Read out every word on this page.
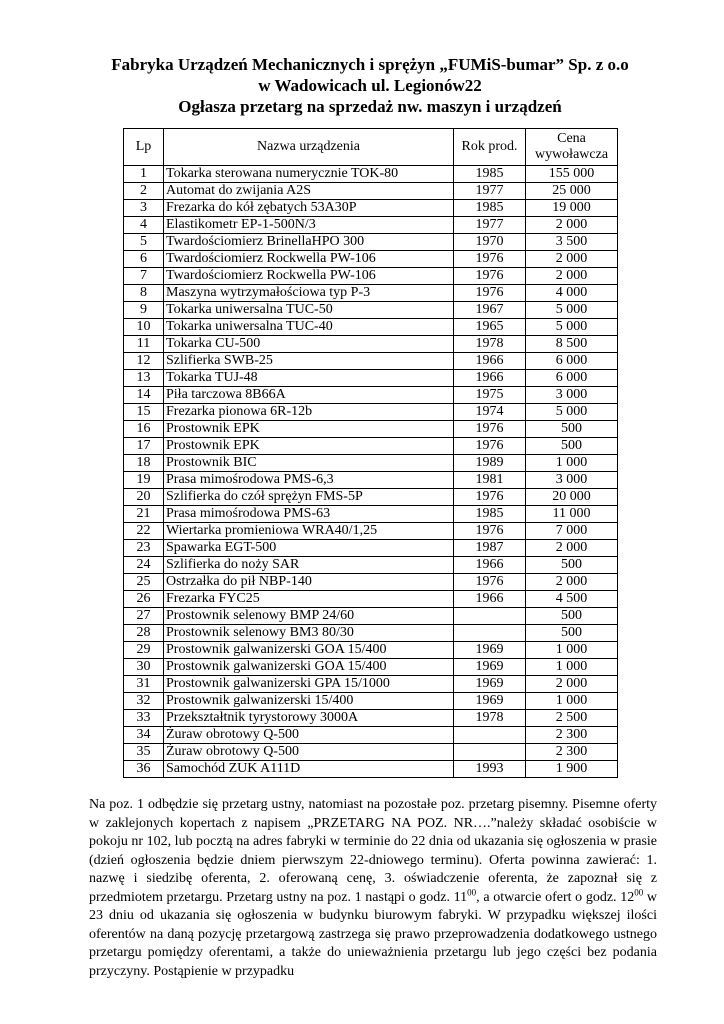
Fabryka Urządzeń Mechanicznych i sprężyn „FUMiS-bumar” Sp. z o.o
w Wadowicach ul. Legionów22
Ogłasza przetarg na sprzedaż nw. maszyn i urządzeń
Lp	Nazwa urządzenia	Rok prod.	Cena
wywoławcza
1	Tokarka sterowana numerycznie TOK-80	1985	155 000
2	Automat do zwijania A2S	1977	25 000
3	Frezarka do kół zębatych 53A30P	1985	19 000
4	Elastikometr EP-1-500N/3	1977	2 000
5	Twardościomierz BrinellaHPO 300	1970	3 500
6	Twardościomierz Rockwella PW-106	1976	2 000
7	Twardościomierz Rockwella PW-106	1976	2 000
8	Maszyna wytrzymałościowa typ P-3	1976	4 000
9	Tokarka uniwersalna TUC-50	1967	5 000
10	Tokarka uniwersalna TUC-40	1965	5 000
11	Tokarka CU-500	1978	8 500
12	Szlifierka SWB-25	1966	6 000
13	Tokarka TUJ-48	1966	6 000
14	Piła tarczowa 8B66A	1975	3 000
15	Frezarka pionowa 6R-12b	1974	5 000
16	Prostownik EPK	1976	500
17	Prostownik EPK	1976	500
18	Prostownik BIC	1989	1 000
19	Prasa mimośrodowa PMS-6,3	1981	3 000
20	Szlifierka do czół sprężyn FMS-5P	1976	20 000
21	Prasa mimośrodowa PMS-63	1985	11 000
22	Wiertarka promieniowa WRA40/1,25	1976	7 000
23	Spawarka EGT-500	1987	2 000
24	Szlifierka do noży SAR	1966	500
25	Ostrzałka do pił NBP-140	1976	2 000
26	Frezarka FYC25	1966	4 500
27	Prostownik selenowy BMP 24/60		500
28	Prostownik selenowy BM3 80/30		500
29	Prostownik galwanizerski GOA 15/400	1969	1 000
30	Prostownik galwanizerski GOA 15/400	1969	1 000
31	Prostownik galwanizerski GPA 15/1000	1969	2 000
32	Prostownik galwanizerski 15/400	1969	1 000
33	Przekształtnik tyrystorowy 3000A	1978	2 500
34	Żuraw obrotowy Q-500		2 300
35	Żuraw obrotowy Q-500		2 300
36	Samochód ZUK A111D	1993	1 900
Na poz. 1 odbędzie się przetarg ustny, natomiast na pozostałe poz. przetarg pisemny. Pisemne oferty w zaklejonych kopertach z napisem „PRZETARG NA POZ. NR….”należy składać osobiście w pokoju nr 102, lub pocztą na adres fabryki w terminie do 22 dnia od ukazania się ogłoszenia w prasie (dzień ogłoszenia będzie dniem pierwszym 22-dniowego terminu). Oferta powinna zawierać: 1. nazwę i siedzibę oferenta, 2. oferowaną cenę, 3. oświadczenie oferenta, że zapoznał się z przedmiotem przetargu. Przetarg ustny na poz. 1 nastąpi o godz. $11^{00}$, a otwarcie ofert o godz. $12^{00}$ w 23 dniu od ukazania się ogłoszenia w budynku biurowym fabryki. W przypadku większej ilości oferentów na daną pozycję przetargową zastrzega się prawo przeprowadzenia dodatkowego ustnego przetargu pomiędzy oferentami, a także do unieważnienia przetargu lub jego części bez podania przyczyny. Postąpienie w przypadku
